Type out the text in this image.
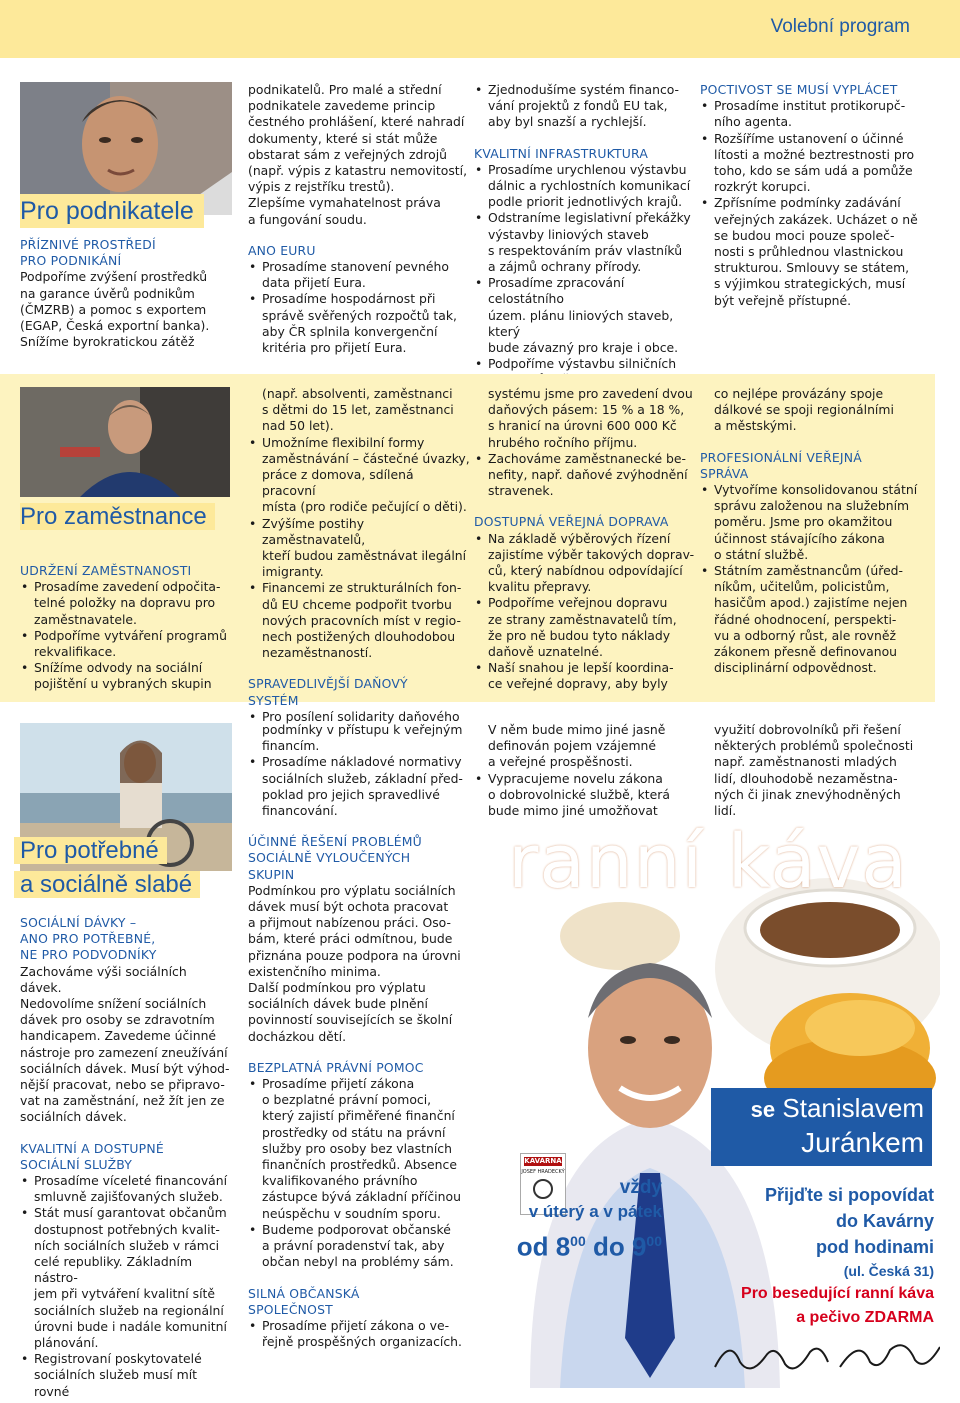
Volební program
Pro podnikatele

PŘÍZNIVÉ PROSTŘEDÍ

PRO PODNIKÁNÍ

Podpoříme zvýšení prostředků

na garance úvěrů podnikům

(ČMZRB) a pomoc s exportem

(EGAP, Česká exportní banka).

Snížíme byrokratickou zátěž

podnikatelů. Pro malé a střední

podnikatele zavedeme princip

čestného prohlášení, které nahradí

dokumenty, které si stát může

obstarat sám z veřejných zdrojů

(např. výpis z katastru nemovitostí,

výpis z rejstříku trestů).

Zlepšíme vymahatelnost práva

a fungování soudu.

ANO EURU

• Prosadíme stanovení pevného
data přijetí Eura.
• Prosadíme hospodárnost při
správě svěřených rozpočtů tak,
aby ČR splnila konvergenční
kritéria pro přijetí Eura.
• Zjednodušíme systém financo-
vání projektů z fondů EU tak,
aby byl snazší a rychlejší.

KVALITNÍ INFRASTRUKTURA

• Prosadíme urychlenou výstavbu
dálnic a rychlostních komunikací
podle priorit jednotlivých krajů.
• Odstraníme legislativní překážky
výstavby liniových staveb
s respektováním práv vlastníků
a zájmů ochrany přírody.
• Prosadíme zpracování celostátního
územ. plánu liniových staveb, který
bude závazný pro kraje i obce.
• Podpoříme výstavbu silničních

POCTIVOST SE MUSÍ VYPLÁCET

• Prosadíme institut protikorupč-
ního agenta.
• Rozšíříme ustanovení o účinné
lítosti a možné beztrestnosti pro
toho, kdo se sám udá a pomůže
rozkrýt korupci.
• Zpřísníme podmínky zadávání
veřejných zakázek. Ucházet o ně
se budou moci pouze společ-
nosti s průhlednou vlastnickou
strukturou. Smlouvy se státem,
s výjimkou strategických, musí
být veřejně přístupné.
Pro zaměstnance

UDRŽENÍ ZAMĚSTNANOSTI

• Prosadíme zavedení odpočita-
telné položky na dopravu pro
zaměstnavatele.
• Podpoříme vytváření programů
rekvalifikace.
• Snížíme odvody na sociální
pojištění u vybraných skupin

(např. absolventi, zaměstnanci

s dětmi do 15 let, zaměstnanci

nad 50 let).

• Umožníme flexibilní formy
zaměstnávání – částečné úvazky,
práce z domova, sdílená pracovní
místa (pro rodiče pečující o děti).
• Zvýšíme postihy zaměstnavatelů,
kteří budou zaměstnávat ilegální
imigranty.
• Financemi ze strukturálních fon-
dů EU chceme podpořit tvorbu
nových pracovních míst v regio-
nech postižených dlouhodobou
nezaměstnaností.

SPRAVEDLIVĚJŠÍ DAŇOVÝ

SYSTÉM

• Pro posílení solidarity daňového

systému jsme pro zavedení dvou

daňových pásem: 15 % a 18 %,

s hranicí na úrovni 600 000 Kč

hrubého ročního příjmu.

• Zachováme zaměstnanecké be-
nefity, např. daňové zvýhodnění
stravenek.

DOSTUPNÁ VEŘEJNÁ DOPRAVA

• Na základě výběrových řízení
zajistíme výběr takových doprav-
ců, který nabídnou odpovídající
kvalitu přepravy.
• Podpoříme veřejnou dopravu
ze strany zaměstnavatelů tím,
že pro ně budou tyto náklady
daňově uznatelné.
• Naší snahou je lepší koordina-
ce veřejné dopravy, aby byly

co nejlépe provázány spoje

dálkové se spoji regionálními

a městskými.

PROFESIONÁLNÍ VEŘEJNÁ

SPRÁVA

• Vytvoříme konsolidovanou státní
správu založenou na služebním
poměru. Jsme pro okamžitou
účinnost stávajícího zákona
o státní službě.
• Státním zaměstnancům (úřed-
níkům, učitelům, policistům,
hasičům apod.) zajistíme nejen
řádné ohodnocení, perspekti-
vu a odborný růst, ale rovněž
zákonem přesně definovanou
disciplinární odpovědnost.
Pro potřebné
a sociálně slabé

SOCIÁLNÍ DÁVKY –

ANO PRO POTŘEBNÉ,

NE PRO PODVODNÍKY

Zachováme výši sociálních dávek.

Nedovolíme snížení sociálních

dávek pro osoby se zdravotním

handicapem. Zavedeme účinné

nástroje pro zamezení zneužívání

sociálních dávek. Musí být výhod-

nější pracovat, nebo se připravo-

vat na zaměstnání, než žít jen ze

sociálních dávek.

KVALITNÍ A DOSTUPNÉ

SOCIÁLNÍ SLUŽBY

• Prosadíme víceleté financování
smluvně zajišťovaných služeb.
• Stát musí garantovat občanům
dostupnost potřebných kvalit-
ních sociálních služeb v rámci
celé republiky. Základním nástro-
jem při vytváření kvalitní sítě
sociálních služeb na regionální
úrovni bude i nadále komunitní
plánování.
• Registrovaní poskytovatelé
sociálních služeb musí mít rovné

podmínky v přístupu k veřejným

financím.

• Prosadíme nákladové normativy
sociálních služeb, základní před-
poklad pro jejich spravedlivé
financování.

ÚČINNÉ ŘEŠENÍ PROBLÉMŮ

SOCIÁLNĚ VYLOUČENÝCH

SKUPIN

Podmínkou pro výplatu sociálních

dávek musí být ochota pracovat

a přijmout nabízenou práci. Oso-

bám, které práci odmítnou, bude

přiznána pouze podpora na úrovni

existenčního minima.

Další podmínkou pro výplatu

sociálních dávek bude plnění

povinností souvisejících se školní

docházkou dětí.

BEZPLATNÁ PRÁVNÍ POMOC

• Prosadíme přijetí zákona
o bezplatné právní pomoci,
který zajistí přiměřené finanční
prostředky od státu na právní
služby pro osoby bez vlastních
finančních prostředků. Absence
kvalifikovaného právního
zástupce bývá základní příčinou
neúspěchu v soudním sporu.
• Budeme podporovat občanské
a právní poradenství tak, aby
občan nebyl na problémy sám.

SILNÁ OBČANSKÁ

SPOLEČNOST

• Prosadíme přijetí zákona o ve-
řejně prospěšných organizacích.

V něm bude mimo jiné jasně

definován pojem vzájemné

a veřejné prospěšnosti.

• Vypracujeme novelu zákona
o dobrovolnické službě, která
bude mimo jiné umožňovat

využití dobrovolníků při řešení

některých problémů společnosti

např. zaměstnanosti mladých

lidí, dlouhodobě nezaměstna-

ných či jinak znevýhodněných

lidí.

ranní káva
KAVÁRNA
JOSEF HRADECKÝ
se Stanislavem
Juránkem
vždy
v úterý a v pátek
od $8^{00}$ do $9^{00}$
Přijďte si popovídat
do Kavárny
pod hodinami
(ul. Česká 31)
Pro besedující ranní káva
a pečivo ZDARMA
